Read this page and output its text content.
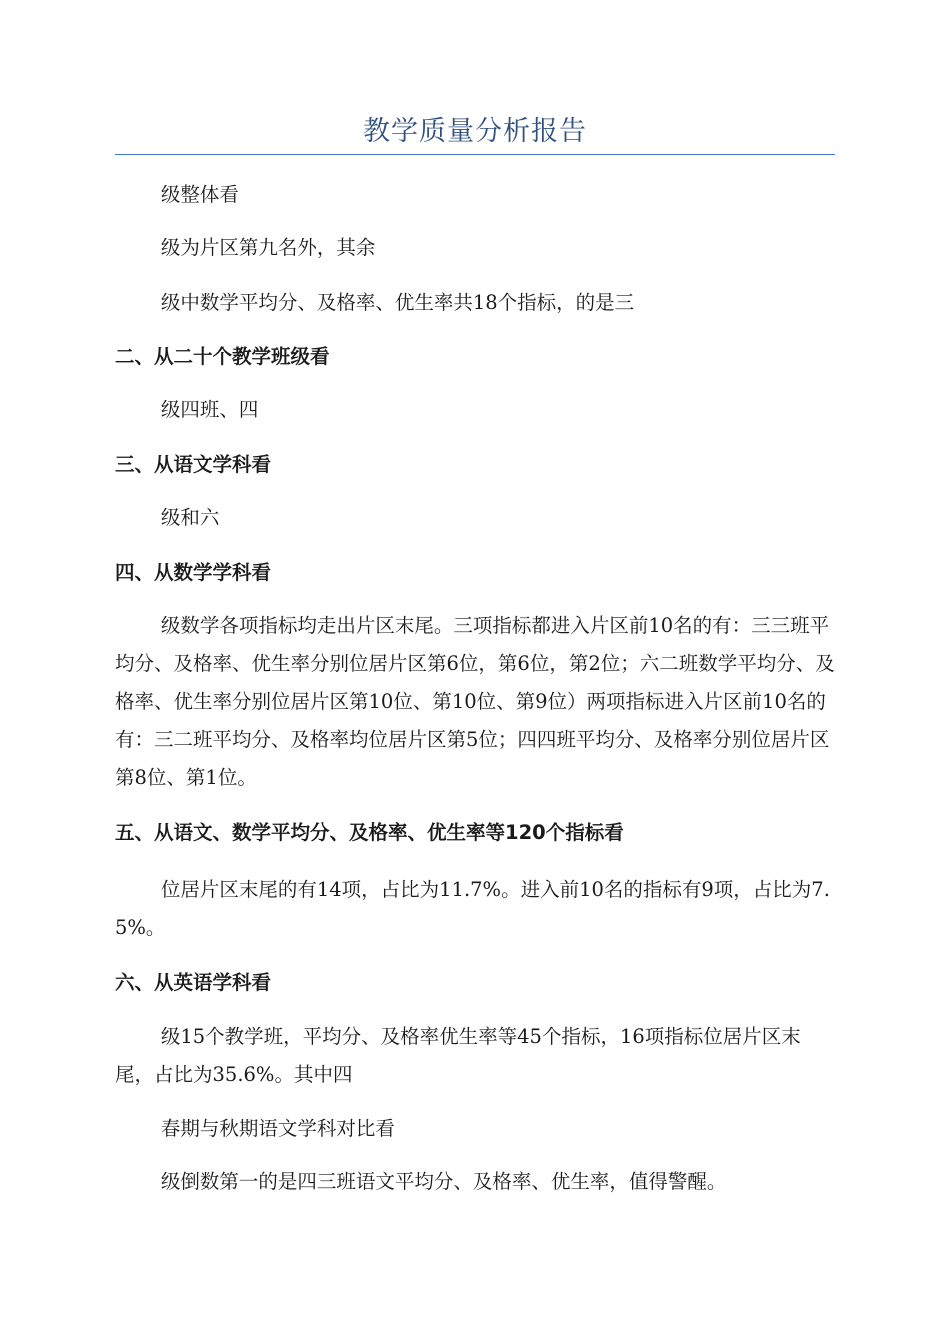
教学质量分析报告

级整体看

级为片区第九名外，其余

级中数学平均分、及格率、优生率共18个指标，的是三

二、从二十个教学班级看

级四班、四

三、从语文学科看

级和六

四、从数学学科看

级数学各项指标均走出片区末尾。三项指标都进入片区前10名的有：三三班平均分、及格率、优生率分别位居片区第6位，第6位，第2位；六二班数学平均分、及格率、优生率分别位居片区第10位、第10位、第9位）两项指标进入片区前10名的有：三二班平均分、及格率均位居片区第5位；四四班平均分、及格率分别位居片区第8位、第1位。

五、从语文、数学平均分、及格率、优生率等120个指标看

位居片区末尾的有14项，占比为11.7%。进入前10名的指标有9项，占比为7.5%。

六、从英语学科看

级15个教学班，平均分、及格率优生率等45个指标，16项指标位居片区末尾，占比为35.6%。其中四

春期与秋期语文学科对比看

级倒数第一的是四三班语文平均分、及格率、优生率，值得警醒。
